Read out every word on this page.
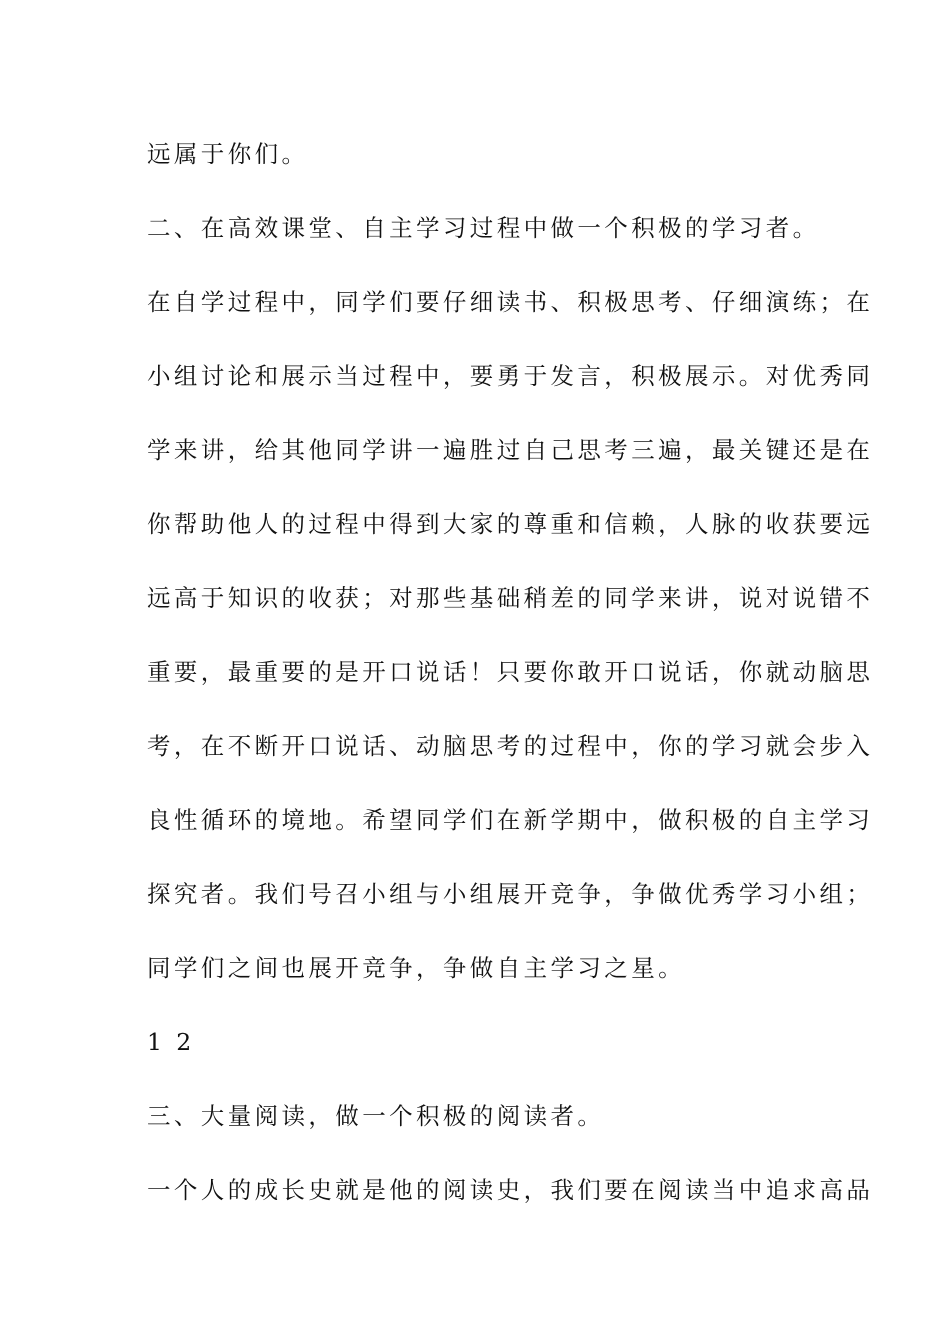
远属于你们。

二、在高效课堂、自主学习过程中做一个积极的学习者。

在自学过程中，同学们要仔细读书、积极思考、仔细演练；在

小组讨论和展示当过程中，要勇于发言，积极展示。对优秀同

学来讲，给其他同学讲一遍胜过自己思考三遍，最关键还是在

你帮助他人的过程中得到大家的尊重和信赖，人脉的收获要远

远高于知识的收获；对那些基础稍差的同学来讲，说对说错不

重要，最重要的是开口说话！只要你敢开口说话，你就动脑思

考，在不断开口说话、动脑思考的过程中，你的学习就会步入

良性循环的境地。希望同学们在新学期中，做积极的自主学习

探究者。我们号召小组与小组展开竞争，争做优秀学习小组；

同学们之间也展开竞争，争做自主学习之星。

1 2

三、大量阅读，做一个积极的阅读者。

一个人的成长史就是他的阅读史，我们要在阅读当中追求高品
